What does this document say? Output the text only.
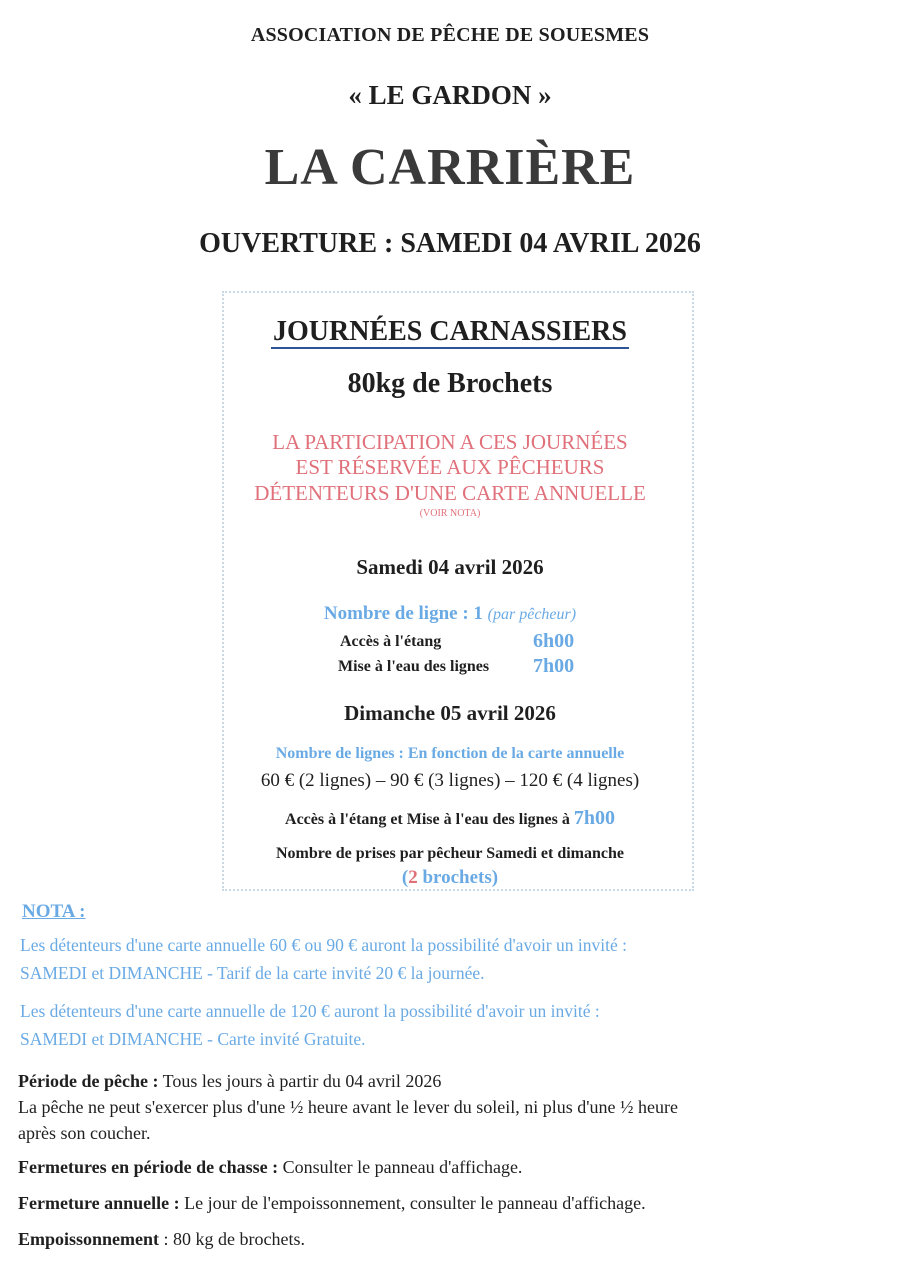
ASSOCIATION DE PÊCHE DE SOUESMES
« LE GARDON »
LA CARRIÈRE
OUVERTURE : SAMEDI 04 AVRIL 2026
JOURNÉES CARNASSIERS
80kg de Brochets
LA PARTICIPATION A CES JOURNÉES
EST RÉSERVÉE AUX PÊCHEURS
DÉTENTEURS D'UNE CARTE ANNUELLE
(VOIR NOTA)
Samedi 04 avril 2026
Nombre de ligne : 1 (par pêcheur)
Accès à l'étang	6h00
Mise à l'eau des lignes 7h00
Dimanche 05 avril 2026
Nombre de lignes : En fonction de la carte annuelle
60 € (2 lignes) – 90 € (3 lignes) – 120 € (4 lignes)
Accès à l'étang et Mise à l'eau des lignes à 7h00
Nombre de prises par pêcheur Samedi et dimanche
(2 brochets)
NOTA :
Les détenteurs d'une carte annuelle 60 € ou 90 € auront la possibilité d'avoir un invité :
SAMEDI et DIMANCHE - Tarif de la carte invité 20 € la journée.
Les détenteurs d'une carte annuelle de 120 € auront la possibilité d'avoir un invité :
SAMEDI et DIMANCHE - Carte invité Gratuite.
Période de pêche : Tous les jours à partir du 04 avril 2026
La pêche ne peut s'exercer plus d'une ½ heure avant le lever du soleil, ni plus d'une ½ heure
après son coucher.
Fermetures en période de chasse : Consulter le panneau d'affichage.
Fermeture annuelle : Le jour de l'empoissonnement, consulter le panneau d'affichage.
Empoissonnement : 80 kg de brochets.
